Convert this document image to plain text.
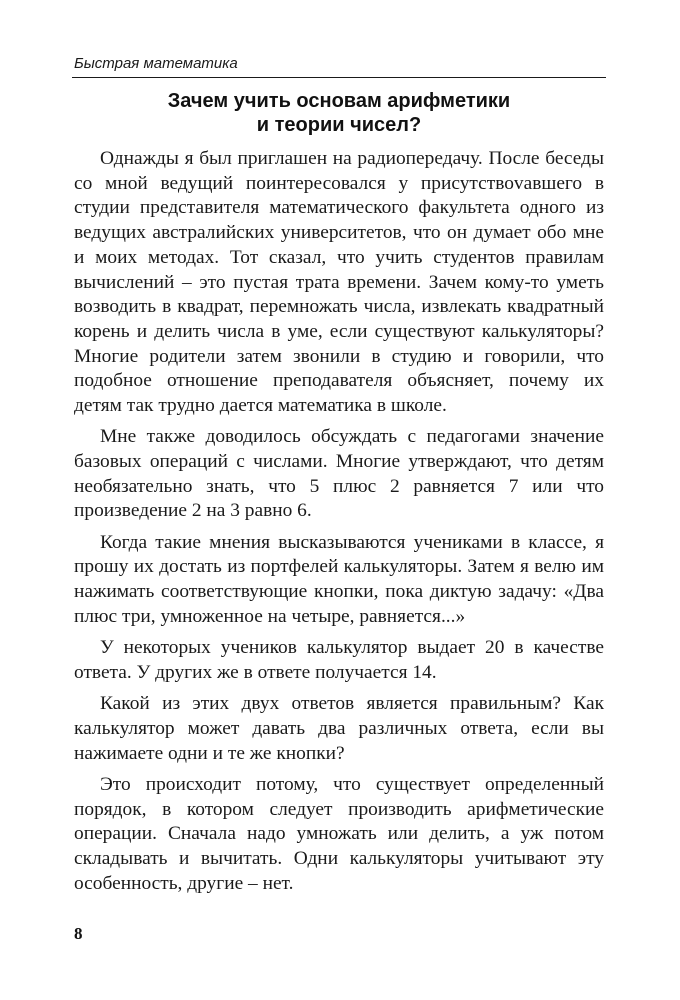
Быстрая математика
Зачем учить основам арифметики
и теории чисел?

Однажды я был приглашен на радиопередачу. После беседы со мной ведущий поинтересовался у присутствоvавшего в студии представителя математического факультета одного из ведущих австралийских университетов, что он думает обо мне и моих методах. Тот сказал, что учить студентов правилам вычислений – это пустая трата времени. Зачем кому-то уметь возводить в квадрат, перемножать числа, извлекать квадратный корень и делить числа в уме, если существуют калькуляторы? Многие родители затем звонили в студию и говорили, что подобное отношение преподавателя объясняет, почему их детям так трудно дается математика в школе.

Мне также доводилось обсуждать с педагогами значение базовых операций с числами. Многие утверждают, что детям необязательно знать, что 5 плюс 2 равняется 7 или что произведение 2 на 3 равно 6.

Когда такие мнения высказываются учениками в классе, я прошу их достать из портфелей калькуляторы. Затем я велю им нажимать соответствующие кнопки, пока диктую задачу: «Два плюс три, умноженное на четыре, равняется...»

У некоторых учеников калькулятор выдает 20 в качестве ответа. У других же в ответе получается 14.

Какой из этих двух ответов является правильным? Как калькулятор может давать два различных ответа, если вы нажимаете одни и те же кнопки?

Это происходит потому, что существует определенный порядок, в котором следует производить арифметические операции. Сначала надо умножать или делить, а уж потом складывать и вычитать. Одни калькуляторы учитывают эту особенность, другие – нет.

8
